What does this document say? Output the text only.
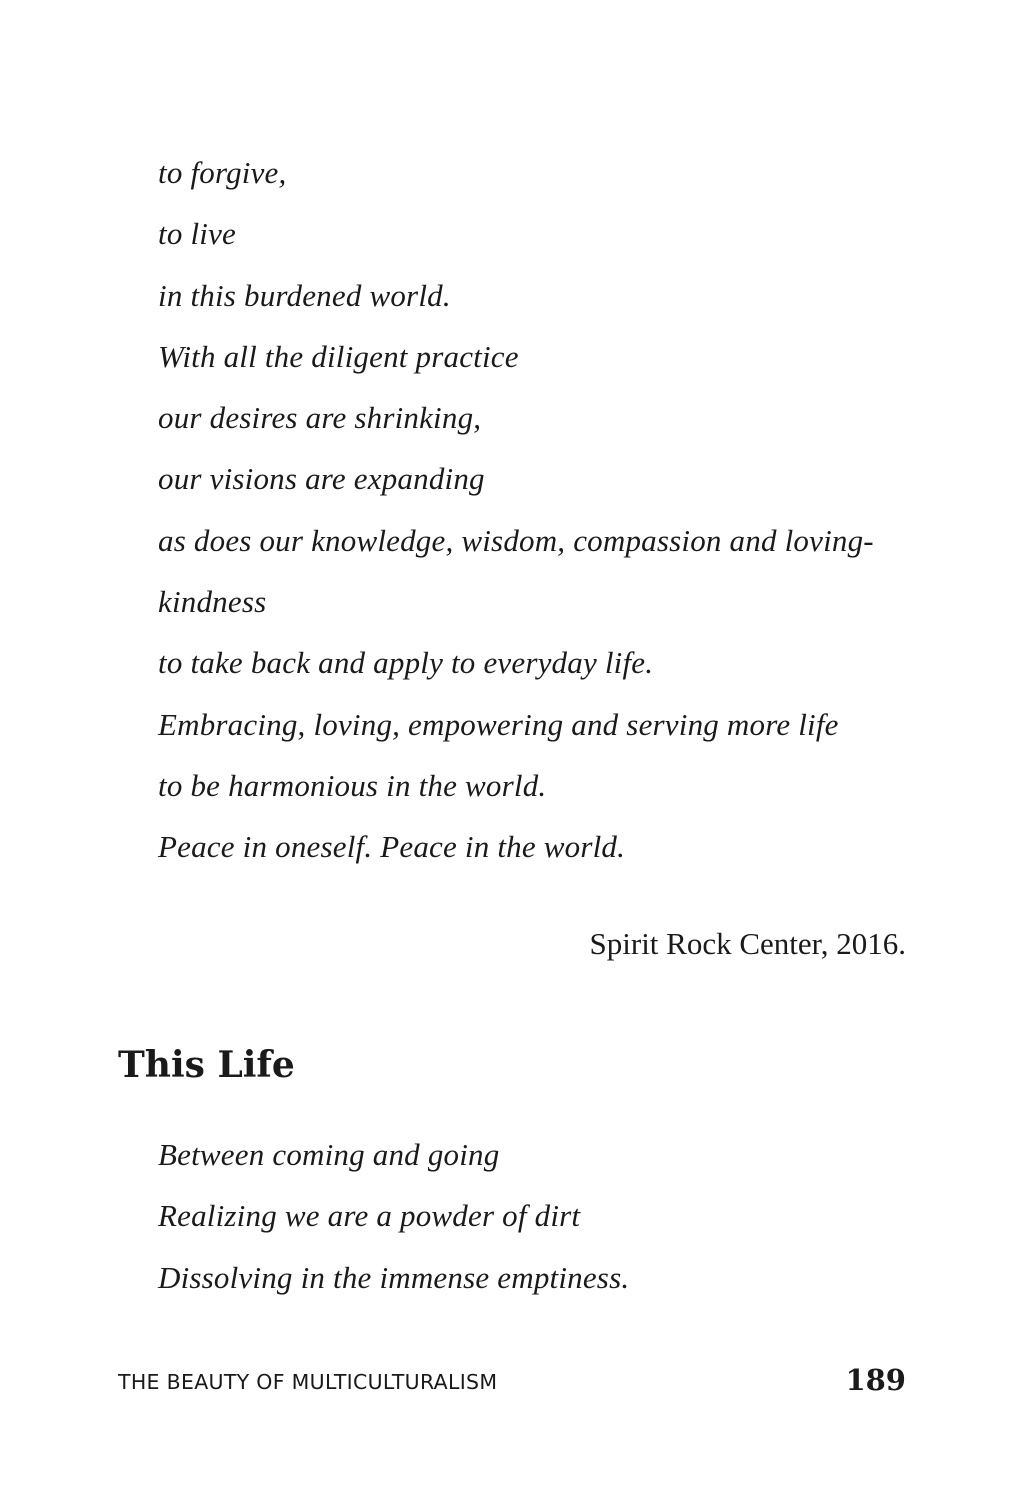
to forgive,
to live
in this burdened world.
With all the diligent practice
our desires are shrinking,
our visions are expanding
as does our knowledge, wisdom, compassion and loving-
kindness
to take back and apply to everyday life.
Embracing, loving, empowering and serving more life
to be harmonious in the world.
Peace in oneself. Peace in the world.
Spirit Rock Center, 2016.
This Life
Between coming and going
Realizing we are a powder of dirt
Dissolving in the immense emptiness.
THE BEAUTY OF MULTICULTURALISM	189
